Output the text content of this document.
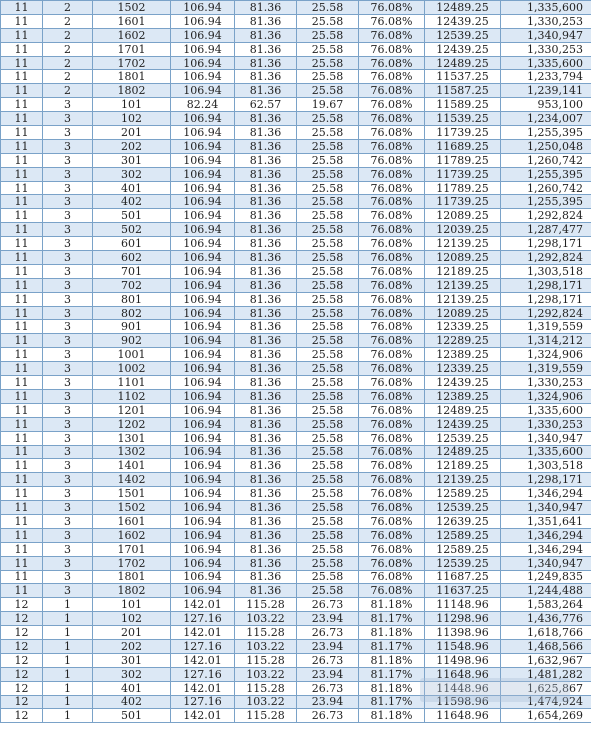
11	2	1502	106.94	81.36	25.58	76.08%	12489.25	1,335,600
11	2	1601	106.94	81.36	25.58	76.08%	12439.25	1,330,253
11	2	1602	106.94	81.36	25.58	76.08%	12539.25	1,340,947
11	2	1701	106.94	81.36	25.58	76.08%	12439.25	1,330,253
11	2	1702	106.94	81.36	25.58	76.08%	12489.25	1,335,600
11	2	1801	106.94	81.36	25.58	76.08%	11537.25	1,233,794
11	2	1802	106.94	81.36	25.58	76.08%	11587.25	1,239,141
11	3	101	82.24	62.57	19.67	76.08%	11589.25	953,100
11	3	102	106.94	81.36	25.58	76.08%	11539.25	1,234,007
11	3	201	106.94	81.36	25.58	76.08%	11739.25	1,255,395
11	3	202	106.94	81.36	25.58	76.08%	11689.25	1,250,048
11	3	301	106.94	81.36	25.58	76.08%	11789.25	1,260,742
11	3	302	106.94	81.36	25.58	76.08%	11739.25	1,255,395
11	3	401	106.94	81.36	25.58	76.08%	11789.25	1,260,742
11	3	402	106.94	81.36	25.58	76.08%	11739.25	1,255,395
11	3	501	106.94	81.36	25.58	76.08%	12089.25	1,292,824
11	3	502	106.94	81.36	25.58	76.08%	12039.25	1,287,477
11	3	601	106.94	81.36	25.58	76.08%	12139.25	1,298,171
11	3	602	106.94	81.36	25.58	76.08%	12089.25	1,292,824
11	3	701	106.94	81.36	25.58	76.08%	12189.25	1,303,518
11	3	702	106.94	81.36	25.58	76.08%	12139.25	1,298,171
11	3	801	106.94	81.36	25.58	76.08%	12139.25	1,298,171
11	3	802	106.94	81.36	25.58	76.08%	12089.25	1,292,824
11	3	901	106.94	81.36	25.58	76.08%	12339.25	1,319,559
11	3	902	106.94	81.36	25.58	76.08%	12289.25	1,314,212
11	3	1001	106.94	81.36	25.58	76.08%	12389.25	1,324,906
11	3	1002	106.94	81.36	25.58	76.08%	12339.25	1,319,559
11	3	1101	106.94	81.36	25.58	76.08%	12439.25	1,330,253
11	3	1102	106.94	81.36	25.58	76.08%	12389.25	1,324,906
11	3	1201	106.94	81.36	25.58	76.08%	12489.25	1,335,600
11	3	1202	106.94	81.36	25.58	76.08%	12439.25	1,330,253
11	3	1301	106.94	81.36	25.58	76.08%	12539.25	1,340,947
11	3	1302	106.94	81.36	25.58	76.08%	12489.25	1,335,600
11	3	1401	106.94	81.36	25.58	76.08%	12189.25	1,303,518
11	3	1402	106.94	81.36	25.58	76.08%	12139.25	1,298,171
11	3	1501	106.94	81.36	25.58	76.08%	12589.25	1,346,294
11	3	1502	106.94	81.36	25.58	76.08%	12539.25	1,340,947
11	3	1601	106.94	81.36	25.58	76.08%	12639.25	1,351,641
11	3	1602	106.94	81.36	25.58	76.08%	12589.25	1,346,294
11	3	1701	106.94	81.36	25.58	76.08%	12589.25	1,346,294
11	3	1702	106.94	81.36	25.58	76.08%	12539.25	1,340,947
11	3	1801	106.94	81.36	25.58	76.08%	11687.25	1,249,835
11	3	1802	106.94	81.36	25.58	76.08%	11637.25	1,244,488
12	1	101	142.01	115.28	26.73	81.18%	11148.96	1,583,264
12	1	102	127.16	103.22	23.94	81.17%	11298.96	1,436,776
12	1	201	142.01	115.28	26.73	81.18%	11398.96	1,618,766
12	1	202	127.16	103.22	23.94	81.17%	11548.96	1,468,566
12	1	301	142.01	115.28	26.73	81.18%	11498.96	1,632,967
12	1	302	127.16	103.22	23.94	81.17%	11648.96	1,481,282
12	1	401	142.01	115.28	26.73	81.18%	11448.96	1,625,867
12	1	402	127.16	103.22	23.94	81.17%	11598.96	1,474,924
12	1	501	142.01	115.28	26.73	81.18%	11648.96	1,654,269
